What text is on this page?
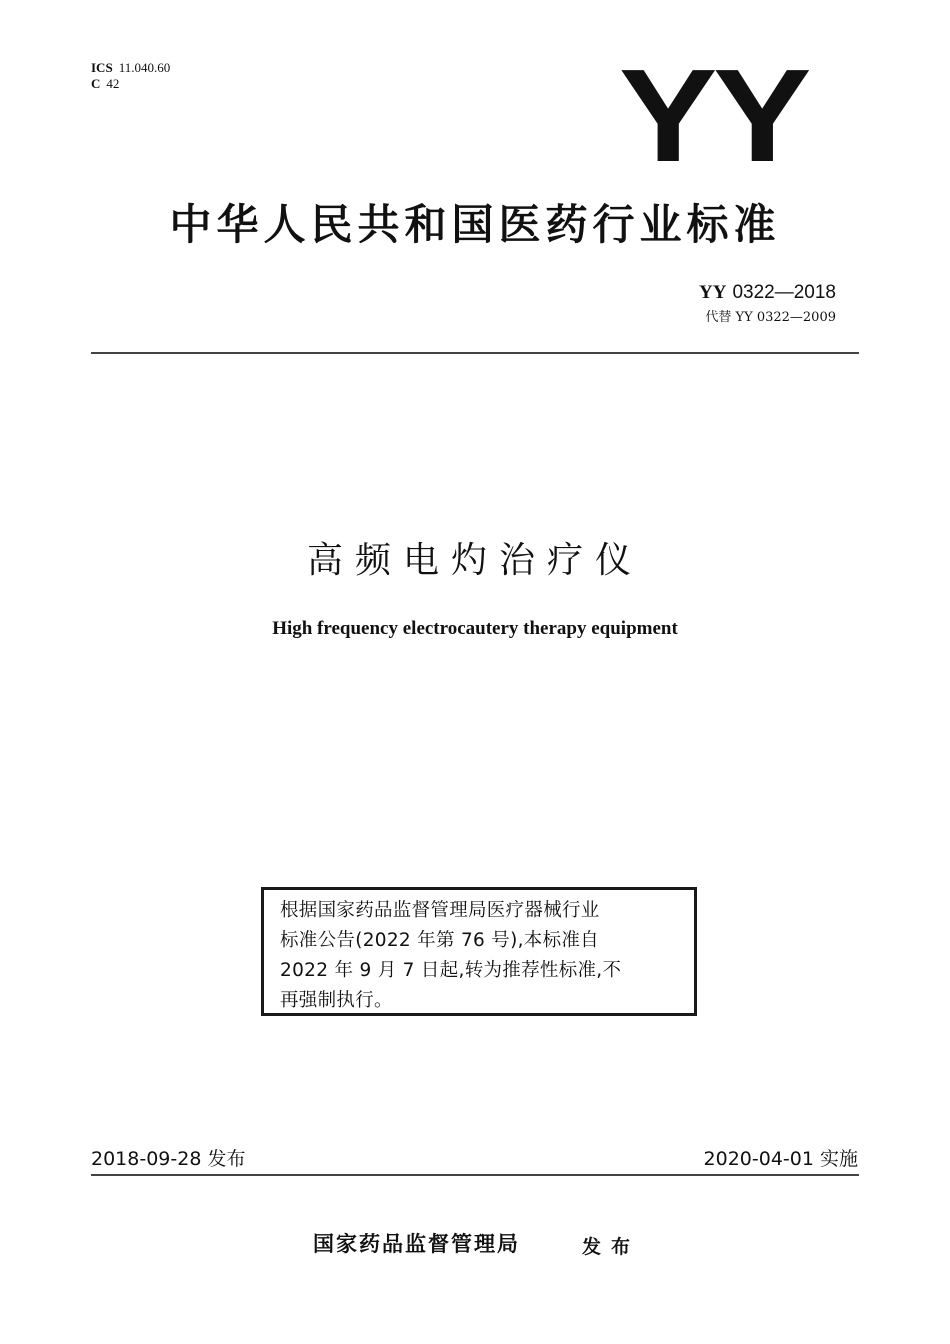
ICS 11.040.60
C 42	YY
中华人民共和国医药行业标准
YY 0322—2018
代替 YY 0322—2009
高频电灼治疗仪
High frequency electrocautery therapy equipment
根据国家药品监督管理局医疗器械行业
标准公告(2022 年第 76 号),本标准自
2022 年 9 月 7 日起,转为推荐性标准,不
再强制执行。
2018-09-28 发布	2020-04-01 实施
国家药品监督管理局	发布
